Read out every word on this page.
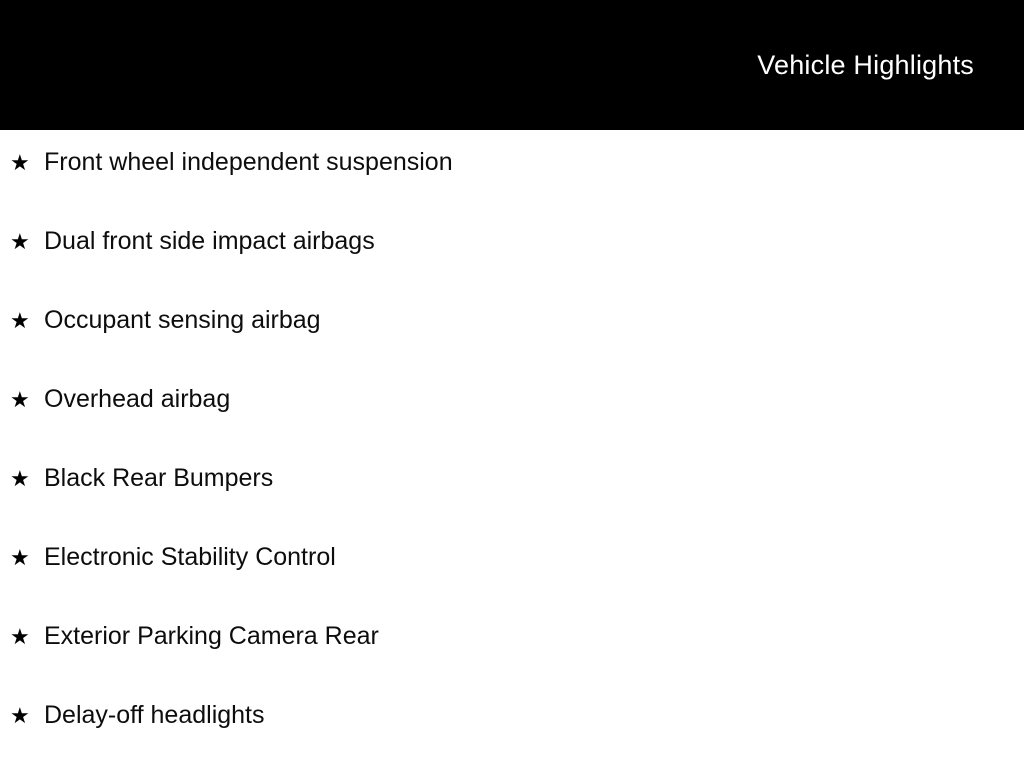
Vehicle Highlights
★ Front wheel independent suspension
★ Dual front side impact airbags
★ Occupant sensing airbag
★ Overhead airbag
★ Black Rear Bumpers
★ Electronic Stability Control
★ Exterior Parking Camera Rear
★ Delay-off headlights
